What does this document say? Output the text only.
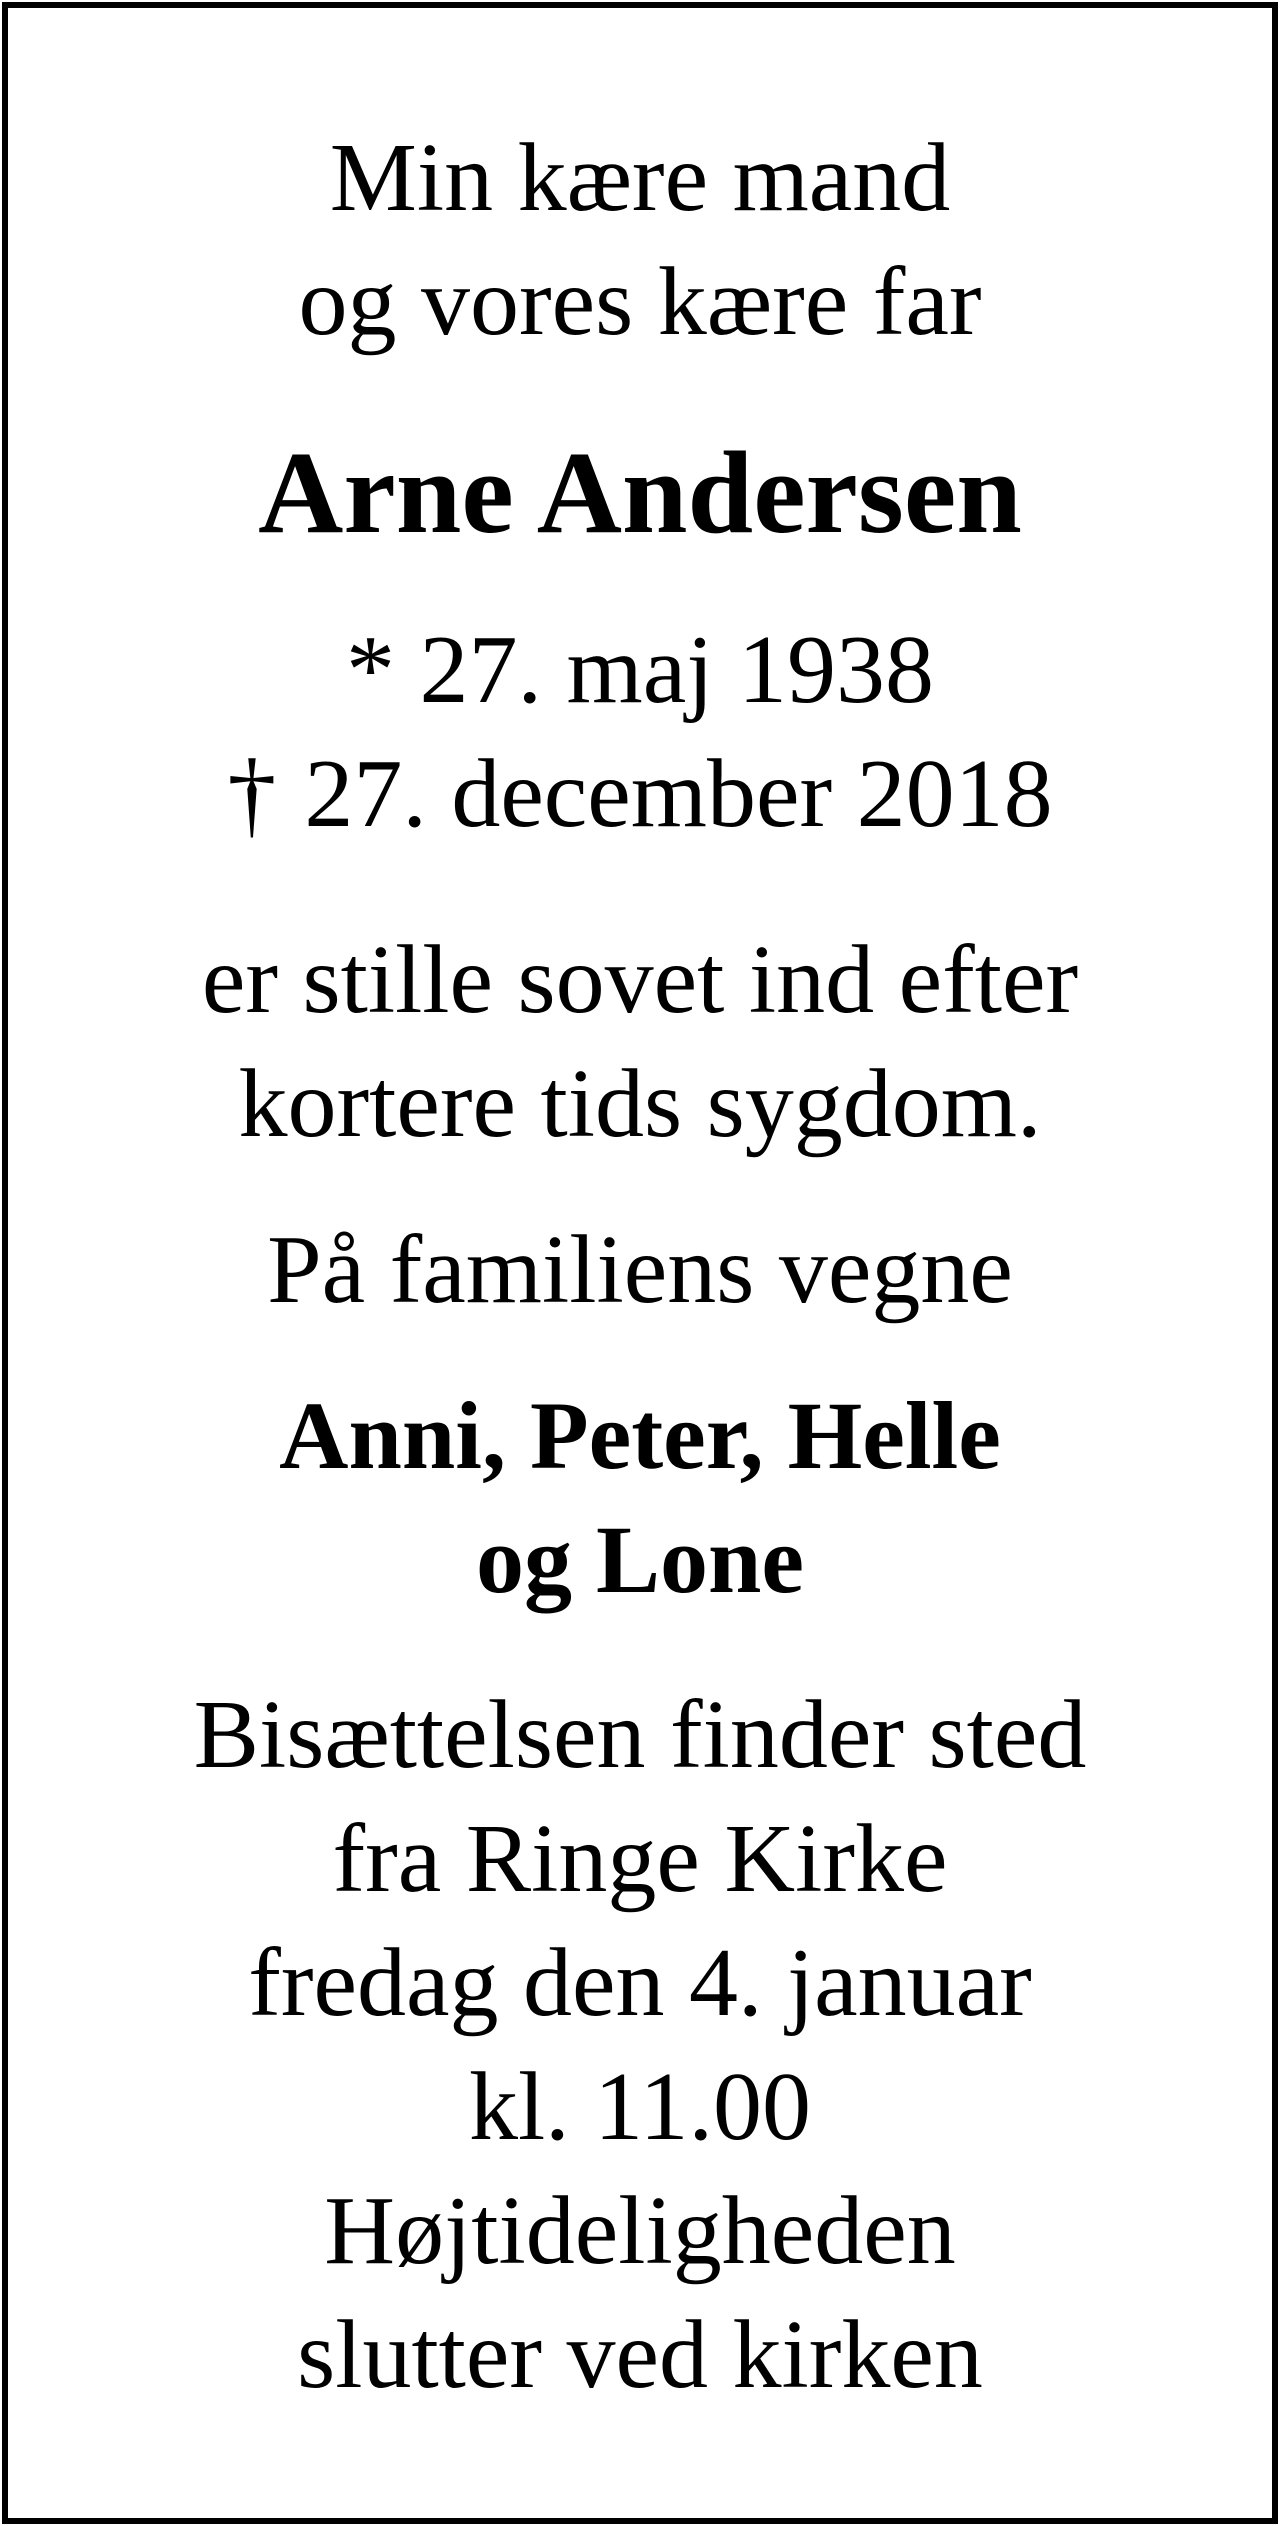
Min kære mand
og vores kære far
Arne Andersen
* 27. maj 1938
† 27. december 2018
er stille sovet ind efter
kortere tids sygdom.
På familiens vegne
Anni, Peter, Helle
og Lone
Bisættelsen finder sted
fra Ringe Kirke
fredag den 4. januar
kl. 11.00
Højtideligheden
slutter ved kirken
